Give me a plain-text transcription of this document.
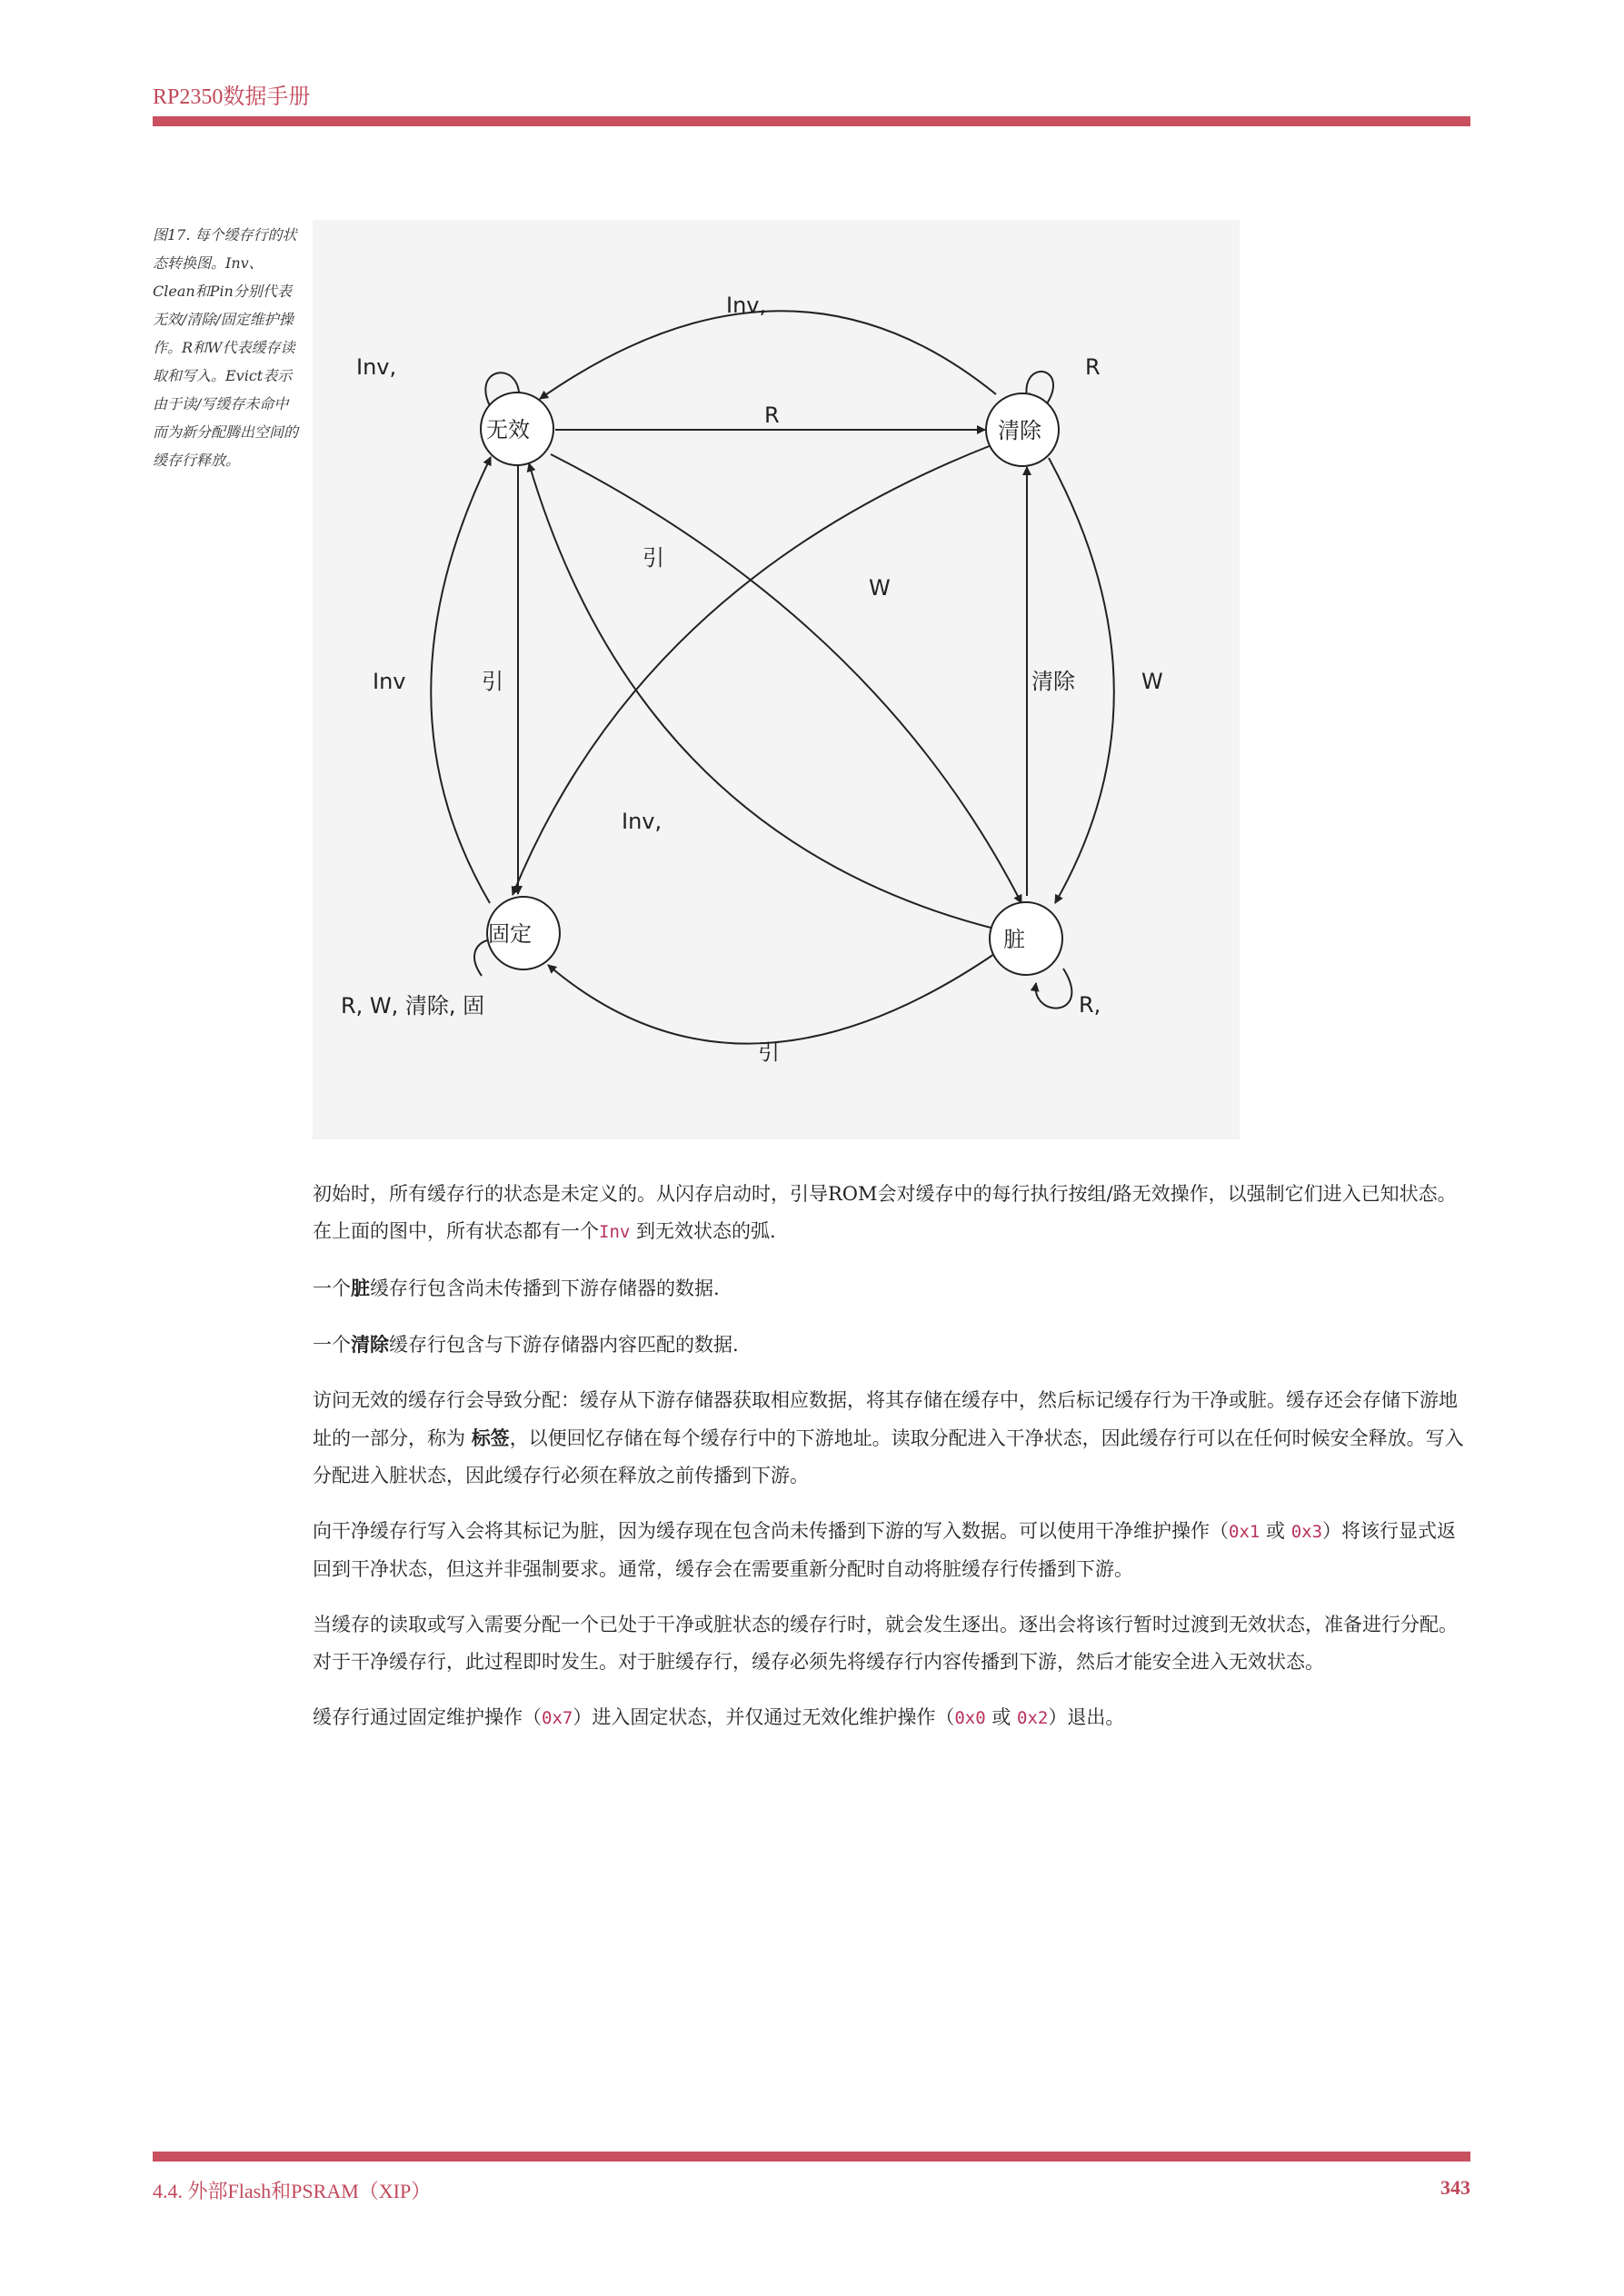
RP2350数据手册
图17. 每个缓存行的状态转换图。Inv、Clean和Pin分别代表无效/清除/固定维护操作。R和W代表缓存读取和写入。Evict表示由于读/写缓存未命中而为新分配腾出空间的缓存行释放。
无效	清除
固定	脏
Inv,
Inv,	R
R
引
W
Inv	引	清除	W
Inv,
R, W, 清除, 固	R,
引

初始时，所有缓存行的状态是未定义的。从闪存启动时，引导ROM会对缓存中的每行执行按组/路无效操作，以强制它们进入已知状态。在上面的图中，所有状态都有一个Inv 到无效状态的弧.

一个脏缓存行包含尚未传播到下游存储器的数据.

一个清除缓存行包含与下游存储器内容匹配的数据.

访问无效的缓存行会导致分配：缓存从下游存储器获取相应数据，将其存储在缓存中，然后标记缓存行为干净或脏。缓存还会存储下游地址的一部分，称为 标签，以便回忆存储在每个缓存行中的下游地址。读取分配进入干净状态，因此缓存行可以在任何时候安全释放。写入分配进入脏状态，因此缓存行必须在释放之前传播到下游。

向干净缓存行写入会将其标记为脏，因为缓存现在包含尚未传播到下游的写入数据。可以使用干净维护操作（0x1 或 0x3）将该行显式返回到干净状态，但这并非强制要求。通常，缓存会在需要重新分配时自动将脏缓存行传播到下游。

当缓存的读取或写入需要分配一个已处于干净或脏状态的缓存行时，就会发生逐出。逐出会将该行暂时过渡到无效状态，准备进行分配。对于干净缓存行，此过程即时发生。对于脏缓存行，缓存必须先将缓存行内容传播到下游，然后才能安全进入无效状态。

缓存行通过固定维护操作（0x7）进入固定状态，并仅通过无效化维护操作（0x0 或 0x2）退出。

4.4. 外部Flash和PSRAM（XIP）	343
